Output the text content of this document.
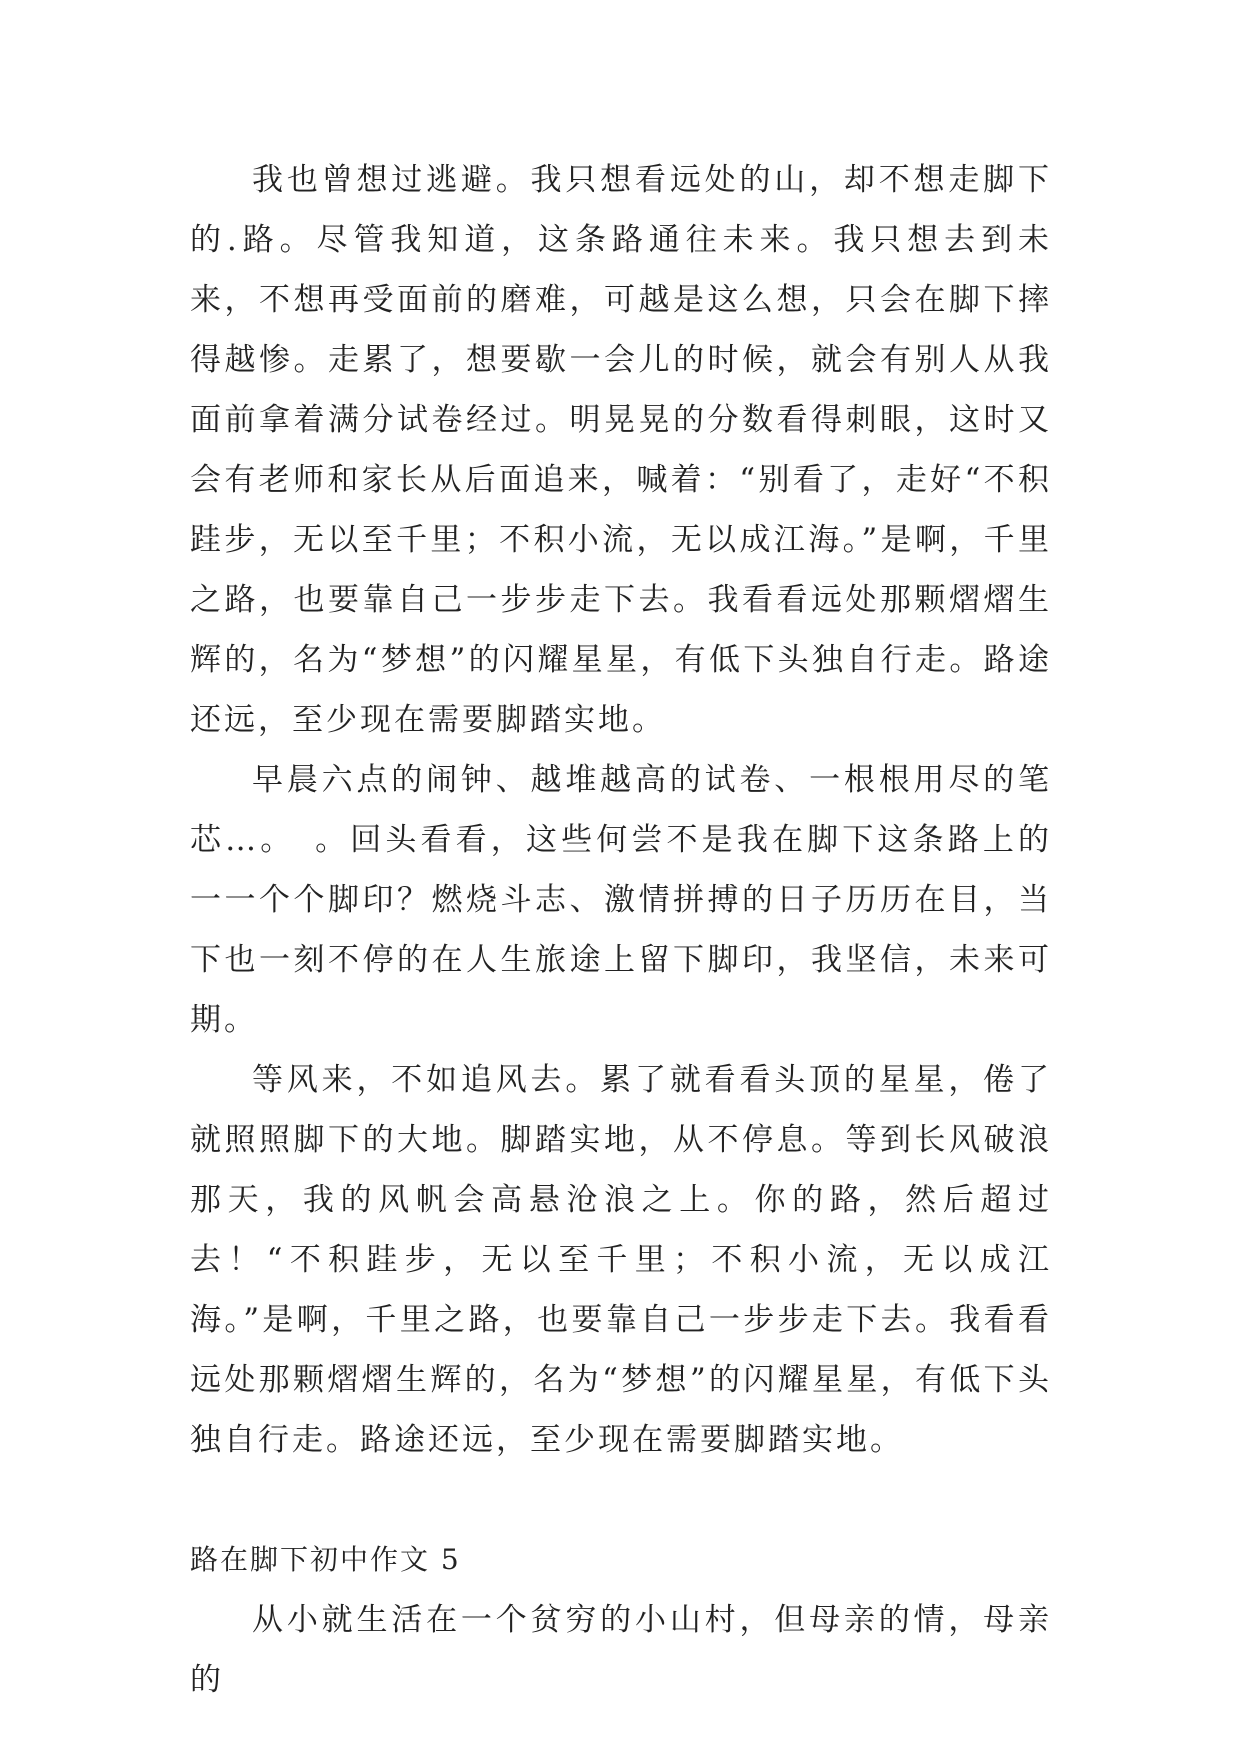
我也曾想过逃避。我只想看远处的山，却不想走脚下的.路。尽管我知道，这条路通往未来。我只想去到未来，不想再受面前的磨难，可越是这么想，只会在脚下摔得越惨。走累了，想要歇一会儿的时候，就会有别人从我面前拿着满分试卷经过。明晃晃的分数看得刺眼，这时又会有老师和家长从后面追来，喊着：“别看了，走好“不积跬步，无以至千里；不积小流，无以成江海。”是啊，千里之路，也要靠自己一步步走下去。我看看远处那颗熠熠生辉的，名为“梦想”的闪耀星星，有低下头独自行走。路途还远，至少现在需要脚踏实地。

早晨六点的闹钟、越堆越高的试卷、一根根用尽的笔芯…。　。回头看看，这些何尝不是我在脚下这条路上的一一个个脚印？燃烧斗志、激情拼搏的日子历历在目，当下也一刻不停的在人生旅途上留下脚印，我坚信，未来可期。

等风来，不如追风去。累了就看看头顶的星星，倦了就照照脚下的大地。脚踏实地，从不停息。等到长风破浪那天，我的风帆会高悬沧浪之上。你的路，然后超过去！“不积跬步，无以至千里；不积小流，无以成江海。”是啊，千里之路，也要靠自己一步步走下去。我看看远处那颗熠熠生辉的，名为“梦想”的闪耀星星，有低下头独自行走。路途还远，至少现在需要脚踏实地。

路在脚下初中作文 5

从小就生活在一个贫穷的小山村，但母亲的情，母亲的
